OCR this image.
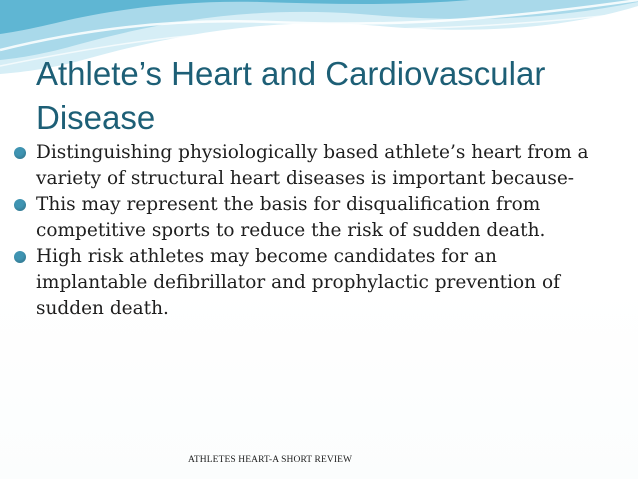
Athlete’s Heart and Cardiovascular Disease
Distinguishing physiologically based athlete’s heart from a variety of structural heart diseases is important because-
This may represent the basis for disqualification from competitive sports to reduce the risk of sudden death.
High risk athletes may become candidates for an implantable defibrillator and prophylactic prevention of sudden death.
ATHLETES HEART-A SHORT REVIEW
